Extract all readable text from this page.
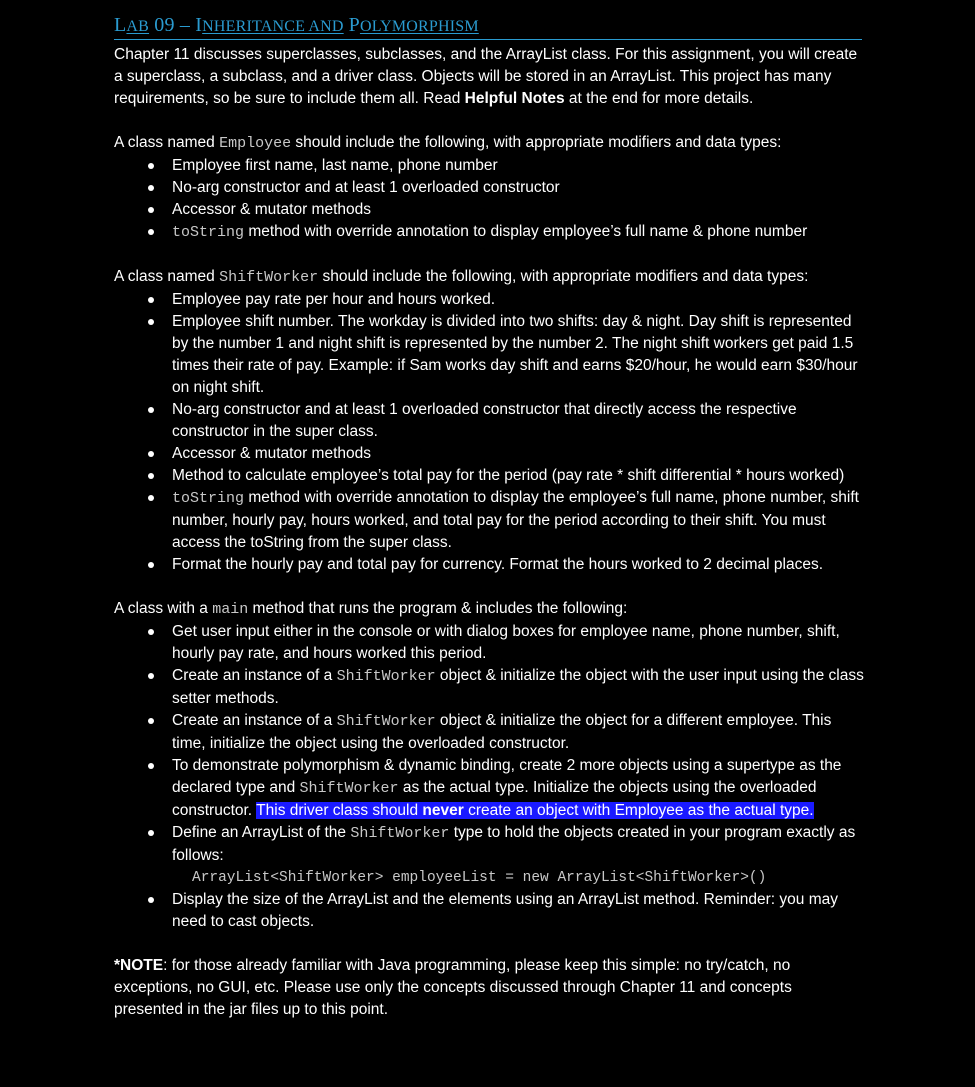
LAB 09 – INHERITANCE AND POLYMORPHISM

Chapter 11 discusses superclasses, subclasses, and the ArrayList class. For this assignment, you will create a superclass, a subclass, and a driver class. Objects will be stored in an ArrayList. This project has many requirements, so be sure to include them all. Read Helpful Notes at the end for more details.

A class named Employee should include the following, with appropriate modifiers and data types:

Employee first name, last name, phone number
No-arg constructor and at least 1 overloaded constructor
Accessor & mutator methods
toString method with override annotation to display employee’s full name & phone number

A class named ShiftWorker should include the following, with appropriate modifiers and data types:

Employee pay rate per hour and hours worked.
Employee shift number. The workday is divided into two shifts: day & night. Day shift is represented by the number 1 and night shift is represented by the number 2. The night shift workers get paid 1.5 times their rate of pay. Example: if Sam works day shift and earns $20/hour, he would earn $30/hour on night shift.
No-arg constructor and at least 1 overloaded constructor that directly access the respective constructor in the super class.
Accessor & mutator methods
Method to calculate employee’s total pay for the period (pay rate * shift differential * hours worked)
toString method with override annotation to display the employee’s full name, phone number, shift number, hourly pay, hours worked, and total pay for the period according to their shift. You must access the toString from the super class.
Format the hourly pay and total pay for currency. Format the hours worked to 2 decimal places.

A class with a main method that runs the program & includes the following:

Get user input either in the console or with dialog boxes for employee name, phone number, shift, hourly pay rate, and hours worked this period.
Create an instance of a ShiftWorker object & initialize the object with the user input using the class setter methods.
Create an instance of a ShiftWorker object & initialize the object for a different employee. This time, initialize the object using the overloaded constructor.
To demonstrate polymorphism & dynamic binding, create 2 more objects using a supertype as the declared type and ShiftWorker as the actual type. Initialize the objects using the overloaded constructor. This driver class should never create an object with Employee as the actual type.
Define an ArrayList of the ShiftWorker type to hold the objects created in your program exactly as follows:
ArrayList<ShiftWorker> employeeList = new ArrayList<ShiftWorker>()
Display the size of the ArrayList and the elements using an ArrayList method. Reminder: you may need to cast objects.

*NOTE: for those already familiar with Java programming, please keep this simple: no try/catch, no exceptions, no GUI, etc. Please use only the concepts discussed through Chapter 11 and concepts presented in the jar files up to this point.
